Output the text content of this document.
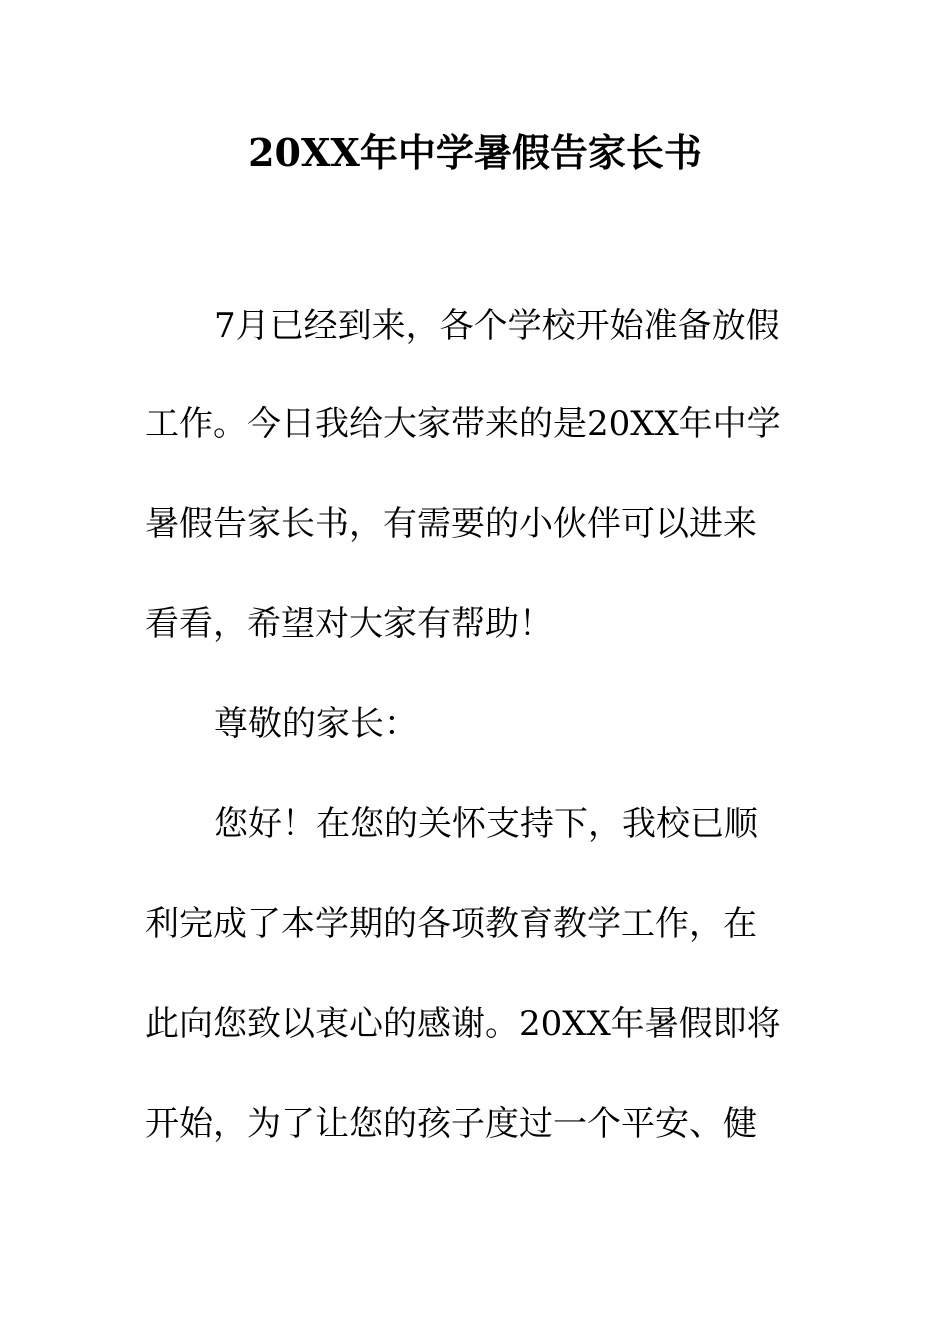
20XX年中学暑假告家长书
7月已经到来，各个学校开始准备放假
工作。今日我给大家带来的是20XX年中学
暑假告家长书，有需要的小伙伴可以进来
看看，希望对大家有帮助！
尊敬的家长：
您好！在您的关怀支持下，我校已顺
利完成了本学期的各项教育教学工作，在
此向您致以衷心的感谢。20XX年暑假即将
开始，为了让您的孩子度过一个平安、健
